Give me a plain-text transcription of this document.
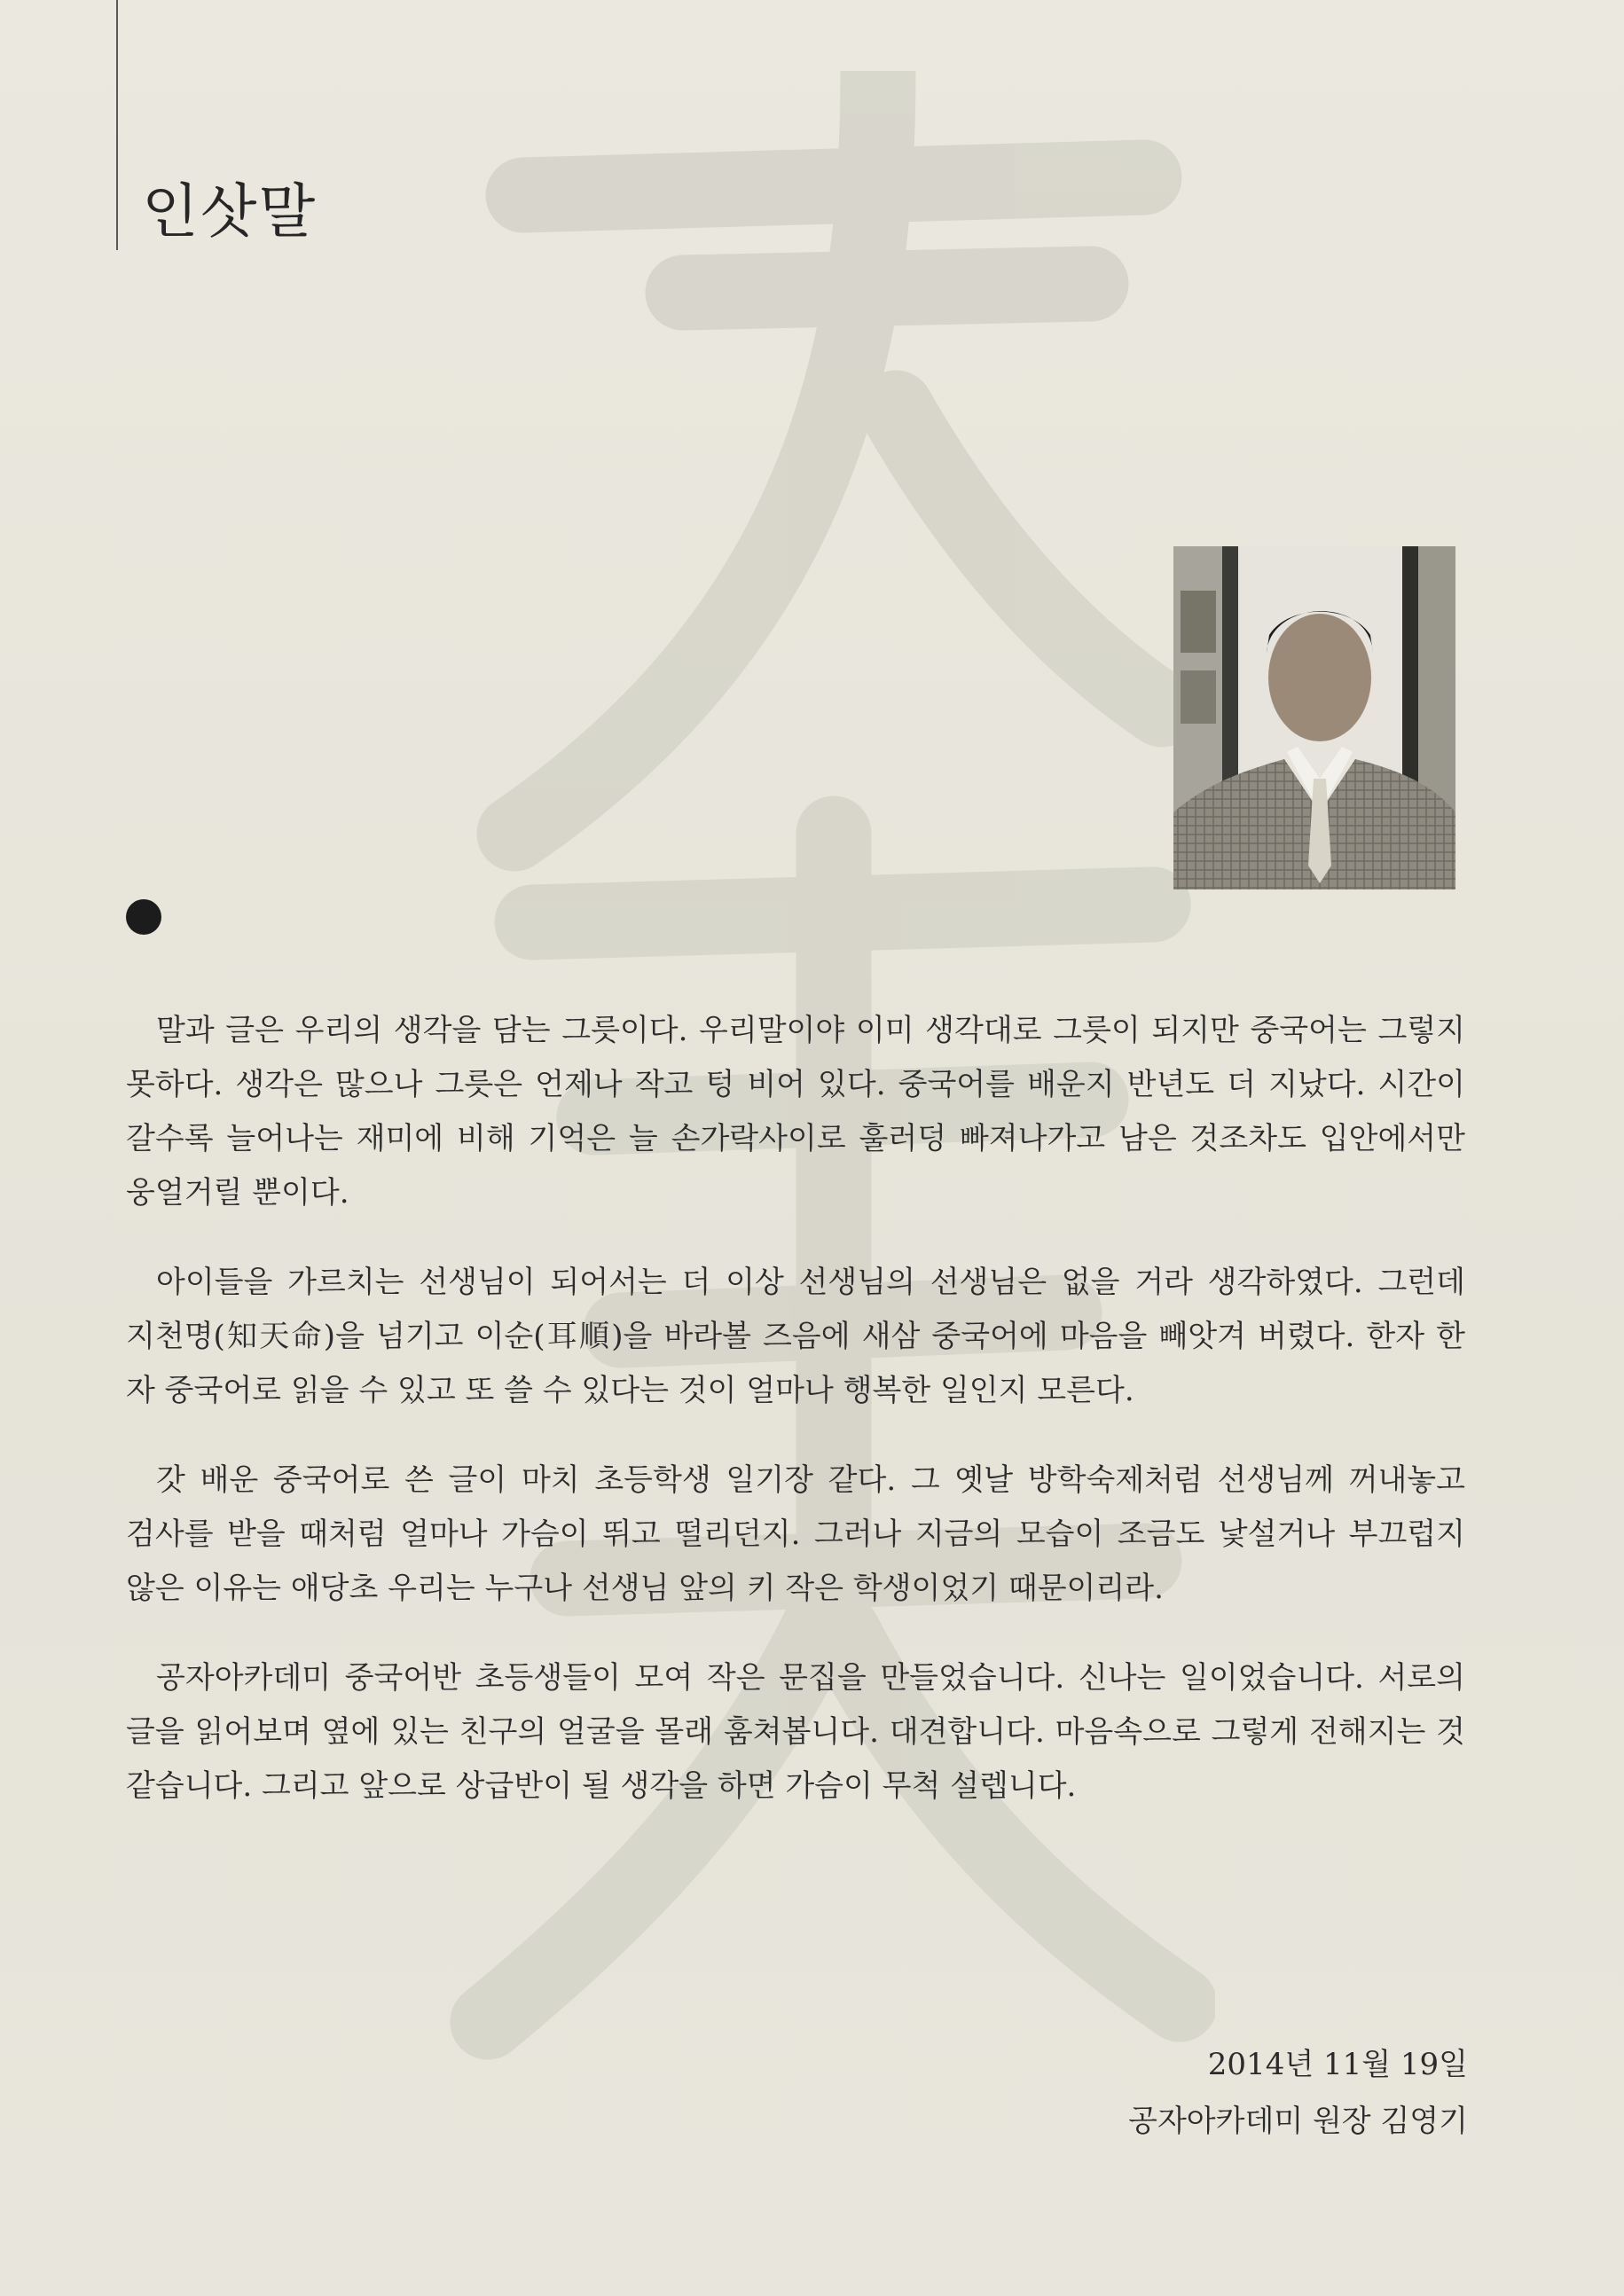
인삿말

말과 글은 우리의 생각을 담는 그릇이다. 우리말이야 이미 생각대로 그릇이 되지만 중국어는 그렇지 못하다. 생각은 많으나 그릇은 언제나 작고 텅 비어 있다. 중국어를 배운지 반년도 더 지났다. 시간이 갈수록 늘어나는 재미에 비해 기억은 늘 손가락사이로 훌러덩 빠져나가고 남은 것조차도 입안에서만 웅얼거릴 뿐이다.

아이들을 가르치는 선생님이 되어서는 더 이상 선생님의 선생님은 없을 거라 생각하였다. 그런데 지천명(知天命)을 넘기고 이순(耳順)을 바라볼 즈음에 새삼 중국어에 마음을 빼앗겨 버렸다. 한자 한 자 중국어로 읽을 수 있고 또 쓸 수 있다는 것이 얼마나 행복한 일인지 모른다.

갓 배운 중국어로 쓴 글이 마치 초등학생 일기장 같다. 그 옛날 방학숙제처럼 선생님께 꺼내놓고 검사를 받을 때처럼 얼마나 가슴이 뛰고 떨리던지. 그러나 지금의 모습이 조금도 낯설거나 부끄럽지 않은 이유는 애당초 우리는 누구나 선생님 앞의 키 작은 학생이었기 때문이리라.

공자아카데미 중국어반 초등생들이 모여 작은 문집을 만들었습니다. 신나는 일이었습니다. 서로의 글을 읽어보며 옆에 있는 친구의 얼굴을 몰래 훔쳐봅니다. 대견합니다. 마음속으로 그렇게 전해지는 것 같습니다. 그리고 앞으로 상급반이 될 생각을 하면 가슴이 무척 설렙니다.

2014년 11월 19일
공자아카데미 원장 김영기
